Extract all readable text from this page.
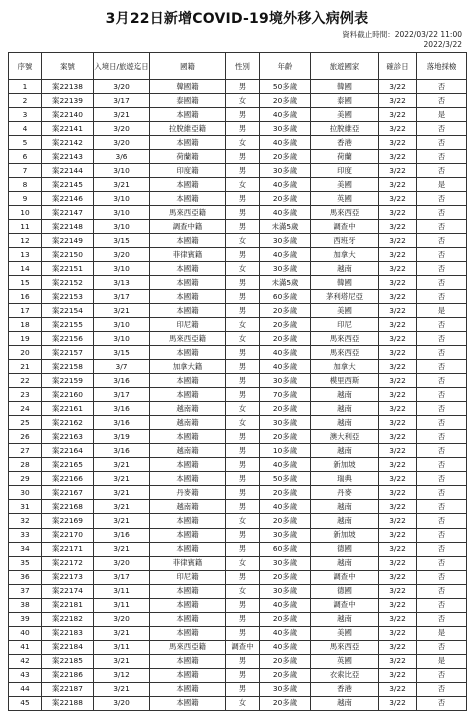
3月22日新增COVID-19境外移入病例表
資料截止時間：2022/03/22 11:00
2022/3/22
序號	案號	入境日/旅遊迄日	國籍	性別	年齡	旅遊國家	確診日	落地採檢
1	案22138	3/20	韓國籍	男	50多歲	韓國	3/22	否
2	案22139	3/17	泰國籍	女	20多歲	泰國	3/22	否
3	案22140	3/21	本國籍	男	40多歲	美國	3/22	是
4	案22141	3/20	拉脫維亞籍	男	30多歲	拉脫維亞	3/22	否
5	案22142	3/20	本國籍	女	40多歲	香港	3/22	否
6	案22143	3/6	荷蘭籍	男	20多歲	荷蘭	3/22	否
7	案22144	3/10	印度籍	男	30多歲	印度	3/22	否
8	案22145	3/21	本國籍	女	40多歲	美國	3/22	是
9	案22146	3/10	本國籍	男	20多歲	英國	3/22	否
10	案22147	3/10	馬來西亞籍	男	40多歲	馬來西亞	3/22	否
11	案22148	3/10	調查中籍	男	未滿5歲	調查中	3/22	否
12	案22149	3/15	本國籍	女	30多歲	西班牙	3/22	否
13	案22150	3/20	菲律賓籍	男	40多歲	加拿大	3/22	否
14	案22151	3/10	本國籍	女	30多歲	越南	3/22	否
15	案22152	3/13	本國籍	男	未滿5歲	韓國	3/22	否
16	案22153	3/17	本國籍	男	60多歲	茅利塔尼亞	3/22	否
17	案22154	3/21	本國籍	男	20多歲	美國	3/22	是
18	案22155	3/10	印尼籍	女	20多歲	印尼	3/22	否
19	案22156	3/10	馬來西亞籍	女	20多歲	馬來西亞	3/22	否
20	案22157	3/15	本國籍	男	40多歲	馬來西亞	3/22	否
21	案22158	3/7	加拿大籍	男	40多歲	加拿大	3/22	否
22	案22159	3/16	本國籍	男	30多歲	模里西斯	3/22	否
23	案22160	3/17	本國籍	男	70多歲	越南	3/22	否
24	案22161	3/16	越南籍	女	20多歲	越南	3/22	否
25	案22162	3/16	越南籍	女	30多歲	越南	3/22	否
26	案22163	3/19	本國籍	男	20多歲	澳大利亞	3/22	否
27	案22164	3/16	越南籍	男	10多歲	越南	3/22	否
28	案22165	3/21	本國籍	男	40多歲	新加坡	3/22	否
29	案22166	3/21	本國籍	男	50多歲	瑞典	3/22	否
30	案22167	3/21	丹麥籍	男	20多歲	丹麥	3/22	否
31	案22168	3/21	越南籍	男	40多歲	越南	3/22	否
32	案22169	3/21	本國籍	女	20多歲	越南	3/22	否
33	案22170	3/16	本國籍	男	30多歲	新加坡	3/22	否
34	案22171	3/21	本國籍	男	60多歲	德國	3/22	否
35	案22172	3/20	菲律賓籍	女	30多歲	越南	3/22	否
36	案22173	3/17	印尼籍	男	20多歲	調查中	3/22	否
37	案22174	3/11	本國籍	女	30多歲	德國	3/22	否
38	案22181	3/11	本國籍	男	40多歲	調查中	3/22	否
39	案22182	3/20	本國籍	男	20多歲	越南	3/22	否
40	案22183	3/21	本國籍	男	40多歲	美國	3/22	是
41	案22184	3/11	馬來西亞籍	調查中	40多歲	馬來西亞	3/22	否
42	案22185	3/21	本國籍	男	20多歲	英國	3/22	是
43	案22186	3/12	本國籍	男	20多歲	衣索比亞	3/22	否
44	案22187	3/21	本國籍	男	30多歲	香港	3/22	否
45	案22188	3/20	本國籍	女	20多歲	越南	3/22	否
